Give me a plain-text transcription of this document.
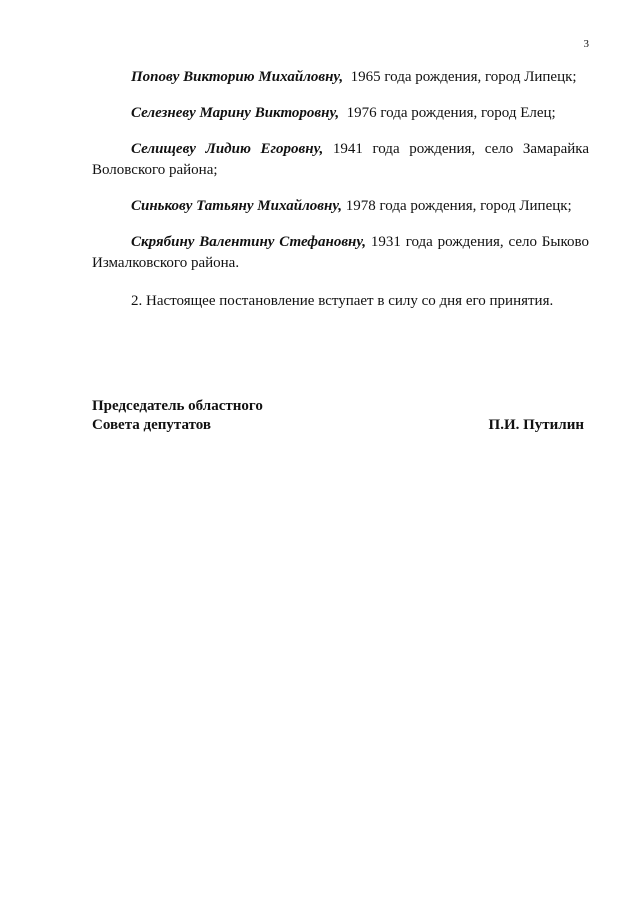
3

Попову Викторию Михайловну, 1965 года рождения, город Липецк;

Селезневу Марину Викторовну, 1976 года рождения, город Елец;

Селищеву Лидию Егоровну, 1941 года рождения, село Замарайка Воловского района;

Синькову Татьяну Михайловну, 1978 года рождения, город Липецк;

Скрябину Валентину Стефановну, 1931 года рождения, село Быково Измалковского района.

2. Настоящее постановление вступает в силу со дня его принятия.

Председатель областного
Совета депутатов	П.И. Путилин
